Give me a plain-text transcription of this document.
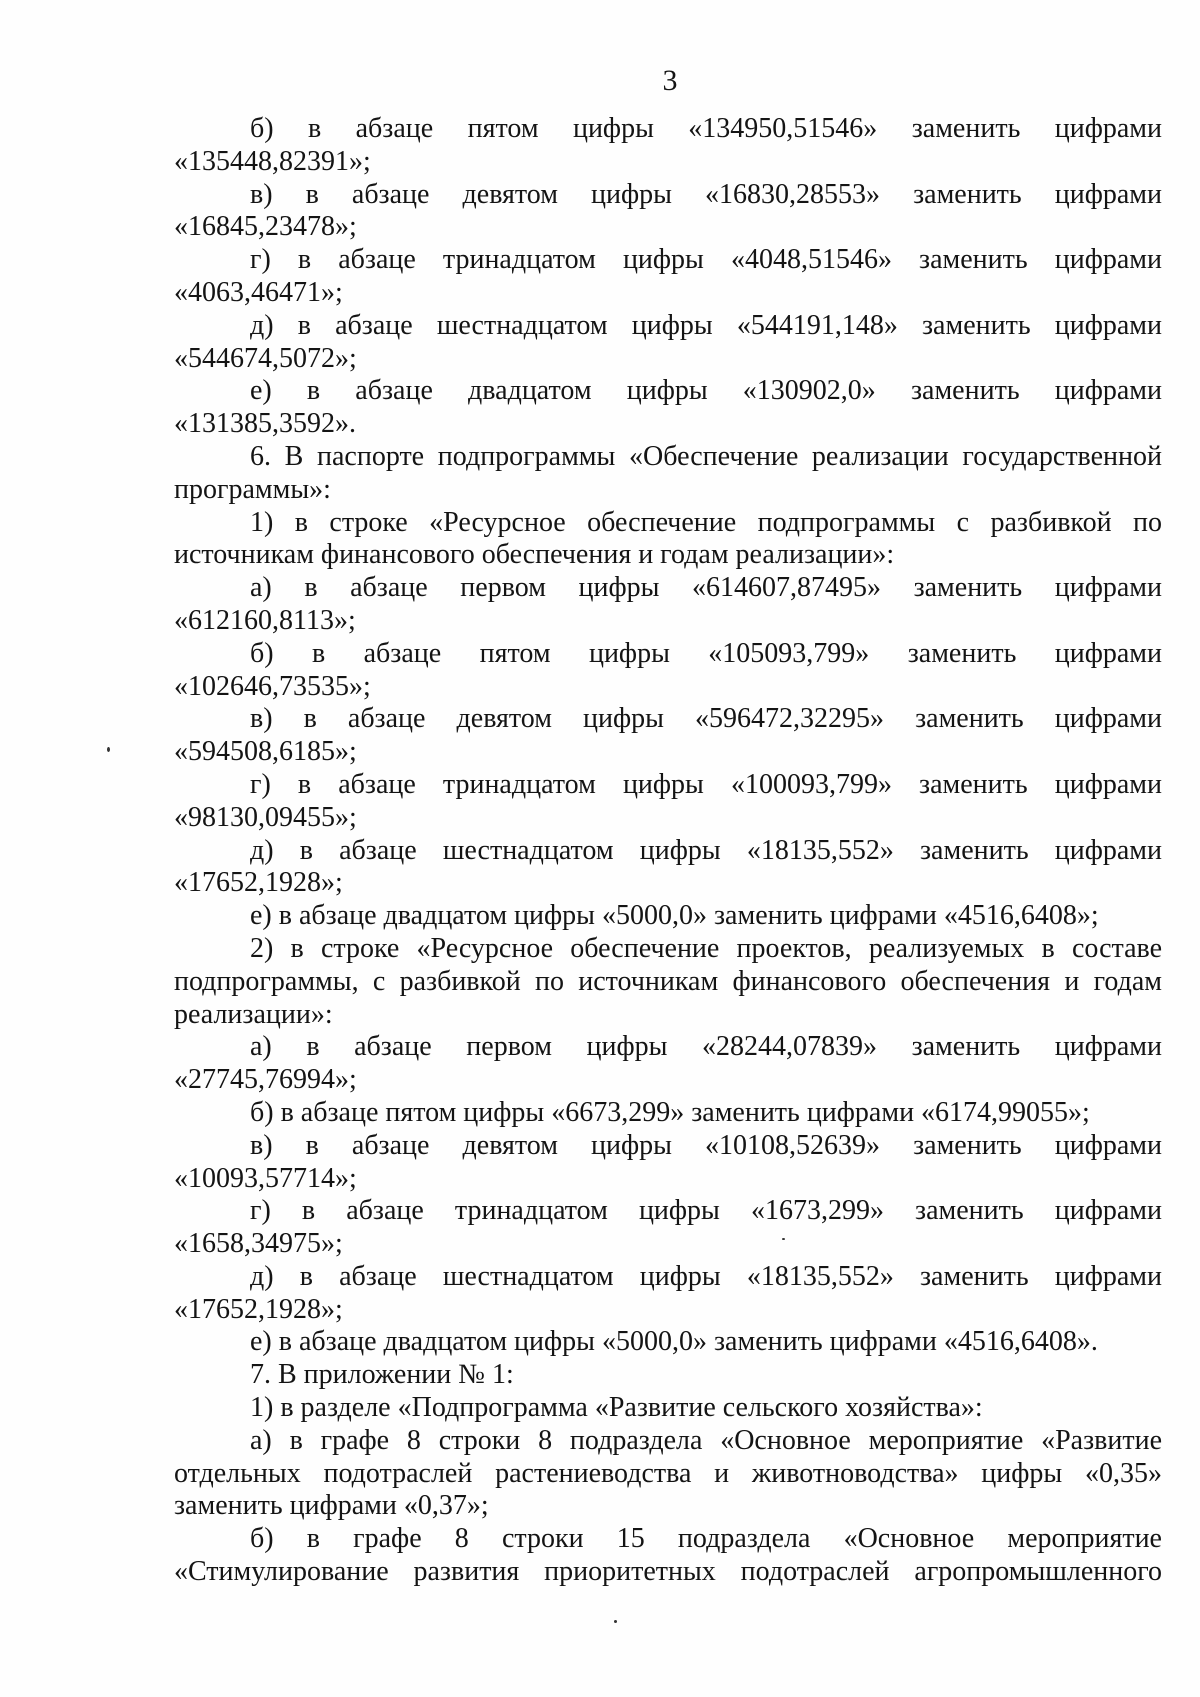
3

б) в абзаце пятом цифры «134950,51546» заменить цифрами

«135448,82391»;

в) в абзаце девятом цифры «16830,28553» заменить цифрами

«16845,23478»;

г) в абзаце тринадцатом цифры «4048,51546» заменить цифрами

«4063,46471»;

д) в абзаце шестнадцатом цифры «544191,148» заменить цифрами

«544674,5072»;

е) в абзаце двадцатом цифры «130902,0» заменить цифрами

«131385,3592».

6. В паспорте подпрограммы «Обеспечение реализации государственной программы»:

1) в строке «Ресурсное обеспечение подпрограммы с разбивкой по источникам финансового обеспечения и годам реализации»:

а) в абзаце первом цифры «614607,87495» заменить цифрами

«612160,8113»;

б) в абзаце пятом цифры «105093,799» заменить цифрами

«102646,73535»;

в) в абзаце девятом цифры «596472,32295» заменить цифрами

«594508,6185»;

г) в абзаце тринадцатом цифры «100093,799» заменить цифрами

«98130,09455»;

д) в абзаце шестнадцатом цифры «18135,552» заменить цифрами

«17652,1928»;

е) в абзаце двадцатом цифры «5000,0» заменить цифрами «4516,6408»;

2) в строке «Ресурсное обеспечение проектов, реализуемых в составе подпрограммы, с разбивкой по источникам финансового обеспечения и годам реализации»:

а) в абзаце первом цифры «28244,07839» заменить цифрами

«27745,76994»;

б) в абзаце пятом цифры «6673,299» заменить цифрами «6174,99055»;

в) в абзаце девятом цифры «10108,52639» заменить цифрами

«10093,57714»;

г) в абзаце тринадцатом цифры «1673,299» заменить цифрами

«1658,34975»;

д) в абзаце шестнадцатом цифры «18135,552» заменить цифрами

«17652,1928»;

е) в абзаце двадцатом цифры «5000,0» заменить цифрами «4516,6408».

7. В приложении № 1:

1) в разделе «Подпрограмма «Развитие сельского хозяйства»:

а) в графе 8 строки 8 подраздела «Основное мероприятие «Развитие отдельных подотраслей растениеводства и животноводства» цифры «0,35» заменить цифрами «0,37»;

б) в графе 8 строки 15 подраздела «Основное мероприятие «Стимулирование развития приоритетных подотраслей агропромышленного
